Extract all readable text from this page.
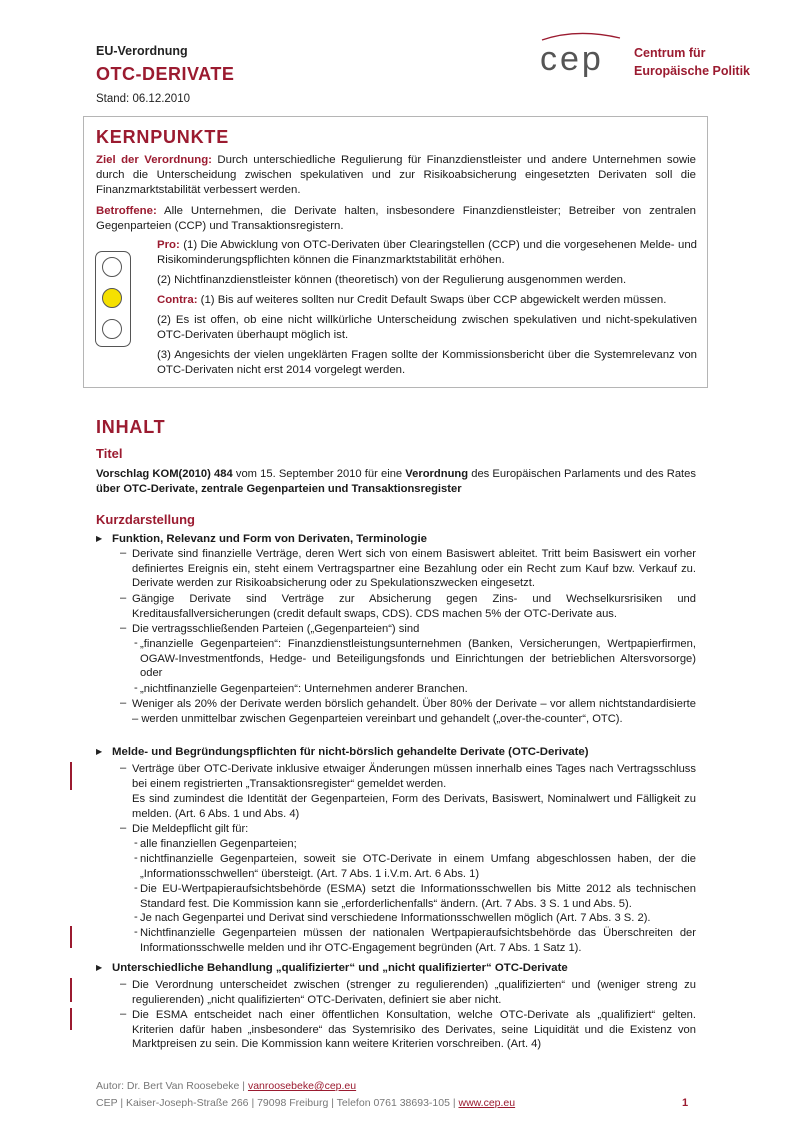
EU-Verordnung
OTC-DERIVATE
Stand: 06.12.2010
cep Centrum für
Europäische Politik
KERNPUNKTE
Ziel der Verordnung: Durch unterschiedliche Regulierung für Finanzdienstleister und andere Unternehmen sowie durch die Unterscheidung zwischen spekulativen und zur Risikoabsicherung eingesetzten Derivaten soll die Finanzmarktstabilität verbessert werden.
Betroffene: Alle Unternehmen, die Derivate halten, insbesondere Finanzdienstleister; Betreiber von zentralen Gegenparteien (CCP) und Transaktionsregistern.
Pro: (1) Die Abwicklung von OTC-Derivaten über Clearingstellen (CCP) und die vorgesehenen Melde- und Risikominderungspflichten können die Finanzmarktstabilität erhöhen.
(2) Nichtfinanzdienstleister können (theoretisch) von der Regulierung ausgenommen werden.
Contra: (1) Bis auf weiteres sollten nur Credit Default Swaps über CCP abgewickelt werden müssen.
(2) Es ist offen, ob eine nicht willkürliche Unterscheidung zwischen spekulativen und nicht-spekulativen OTC-Derivaten überhaupt möglich ist.
(3) Angesichts der vielen ungeklärten Fragen sollte der Kommissionsbericht über die Systemrelevanz von OTC-Derivaten nicht erst 2014 vorgelegt werden.
INHALT
Titel
Vorschlag KOM(2010) 484 vom 15. September 2010 für eine Verordnung des Europäischen Parlaments und des Rates über OTC-Derivate, zentrale Gegenparteien und Transaktionsregister
Kurzdarstellung
▶ Funktion, Relevanz und Form von Derivaten, Terminologie
– Derivate sind finanzielle Verträge, deren Wert sich von einem Basiswert ableitet. Tritt beim Basiswert ein vorher definiertes Ereignis ein, steht einem Vertragspartner eine Bezahlung oder ein Recht zum Kauf bzw. Verkauf zu. Derivate werden zur Risikoabsicherung oder zu Spekulationszwecken eingesetzt.
– Gängige Derivate sind Verträge zur Absicherung gegen Zins- und Wechselkursrisiken und Kreditausfallversicherungen (credit default swaps, CDS). CDS machen 5% der OTC-Derivate aus.
– Die vertragsschließenden Parteien („Gegenparteien“) sind
- „finanzielle Gegenparteien“: Finanzdienstleistungsunternehmen (Banken, Versicherungen, Wertpapierfirmen, OGAW-Investmentfonds, Hedge- und Beteiligungsfonds und Einrichtungen der betrieblichen Altersvorsorge) oder
- „nichtfinanzielle Gegenparteien“: Unternehmen anderer Branchen.
– Weniger als 20% der Derivate werden börslich gehandelt. Über 80% der Derivate – vor allem nichtstandardisierte – werden unmittelbar zwischen Gegenparteien vereinbart und gehandelt („over-the-counter“, OTC).
▶ Melde- und Begründungspflichten für nicht-börslich gehandelte Derivate (OTC-Derivate)
– Verträge über OTC-Derivate inklusive etwaiger Änderungen müssen innerhalb eines Tages nach Vertragsschluss bei einem registrierten „Transaktionsregister“ gemeldet werden.
Es sind zumindest die Identität der Gegenparteien, Form des Derivats, Basiswert, Nominalwert und Fälligkeit zu melden. (Art. 6 Abs. 1 und Abs. 4)
– Die Meldepflicht gilt für:
- alle finanziellen Gegenparteien;
- nichtfinanzielle Gegenparteien, soweit sie OTC-Derivate in einem Umfang abgeschlossen haben, der die „Informationsschwellen“ übersteigt. (Art. 7 Abs. 1 i.V.m. Art. 6 Abs. 1)
- Die EU-Wertpapieraufsichtsbehörde (ESMA) setzt die Informationsschwellen bis Mitte 2012 als technischen Standard fest. Die Kommission kann sie „erforderlichenfalls“ ändern. (Art. 7 Abs. 3 S. 1 und Abs. 5).
- Je nach Gegenpartei und Derivat sind verschiedene Informationsschwellen möglich (Art. 7 Abs. 3 S. 2).
- Nichtfinanzielle Gegenparteien müssen der nationalen Wertpapieraufsichtsbehörde das Überschreiten der Informationsschwelle melden und ihr OTC-Engagement begründen (Art. 7 Abs. 1 Satz 1).
▶ Unterschiedliche Behandlung „qualifizierter“ und „nicht qualifizierter“ OTC-Derivate
– Die Verordnung unterscheidet zwischen (strenger zu regulierenden) „qualifizierten“ und (weniger streng zu regulierenden) „nicht qualifizierten“ OTC-Derivaten, definiert sie aber nicht.
– Die ESMA entscheidet nach einer öffentlichen Konsultation, welche OTC-Derivate als „qualifiziert“ gelten. Kriterien dafür haben „insbesondere“ das Systemrisiko des Derivates, seine Liquidität und die Existenz von Marktpreisen zu sein. Die Kommission kann weitere Kriterien vorschreiben. (Art. 4)
Autor: Dr. Bert Van Roosebeke | vanroosebeke@cep.eu
CEP | Kaiser-Joseph-Straße 266 | 79098 Freiburg | Telefon 0761 38693-105 | www.cep.eu	1
